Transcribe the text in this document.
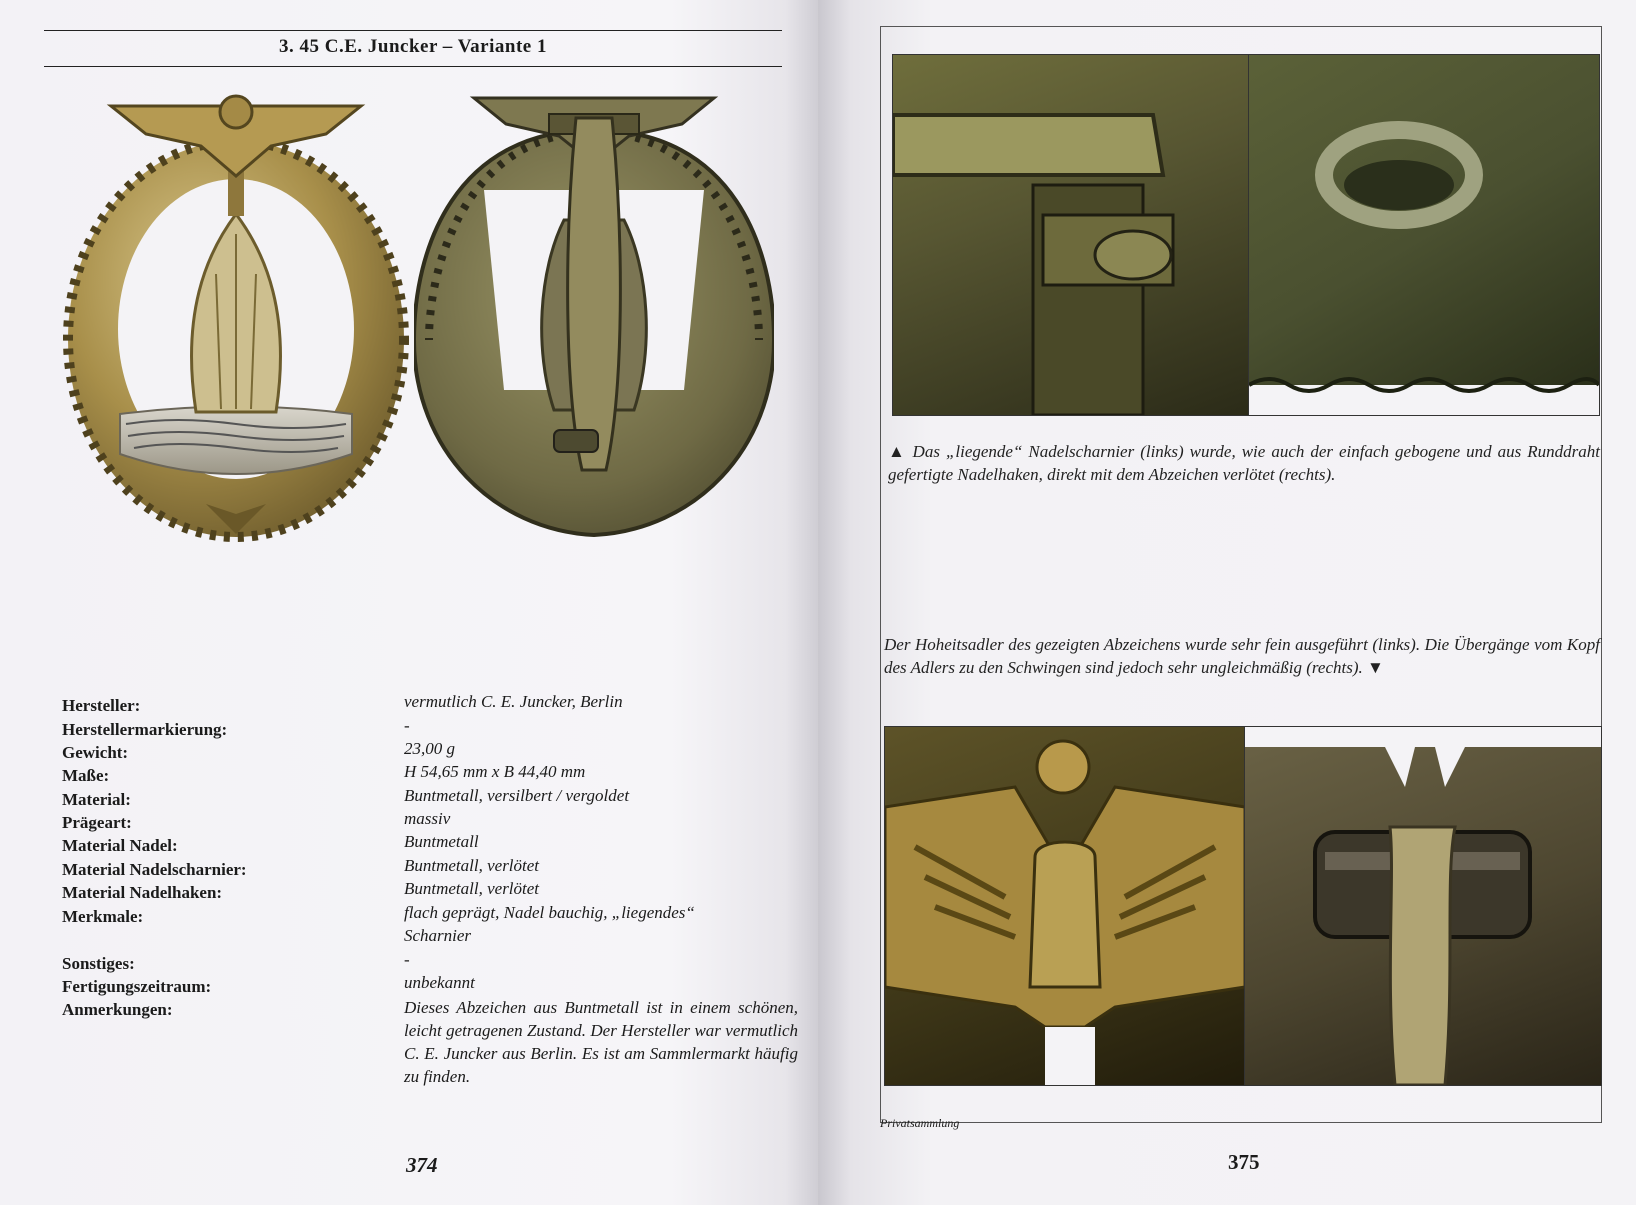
3. 45 C.E. Juncker – Variante 1
Hersteller:	vermutlich C. E. Juncker, Berlin
Herstellermarkierung:	-
Gewicht:	23,00 g
Maße:	H 54,65 mm x B 44,40 mm
Material:	Buntmetall, versilbert / vergoldet
Prägeart:	massiv
Material Nadel:	Buntmetall
Material Nadelscharnier:	Buntmetall, verlötet
Material Nadelhaken:	Buntmetall, verlötet
Merkmale:	flach geprägt, Nadel bauchig, „liegendes“
Scharnier
Sonstiges:	-
Fertigungszeitraum:	unbekannt
Anmerkungen:	Dieses Abzeichen aus Buntmetall ist in einem schönen, leicht getragenen Zustand. Der Hersteller war vermutlich C. E. Juncker aus Berlin. Es ist am Sammlermarkt häufig zu finden.
374
▲ Das „liegende“ Nadelscharnier (links) wurde, wie auch der einfach gebogene und aus Runddraht gefertigte Nadelhaken, direkt mit dem Abzeichen verlötet (rechts).
Der Hoheitsadler des gezeigten Abzeichens wurde sehr fein ausgeführt (links). Die Übergänge vom Kopf des Adlers zu den Schwingen sind jedoch sehr ungleichmäßig (rechts). ▼
Privatsammlung
375
